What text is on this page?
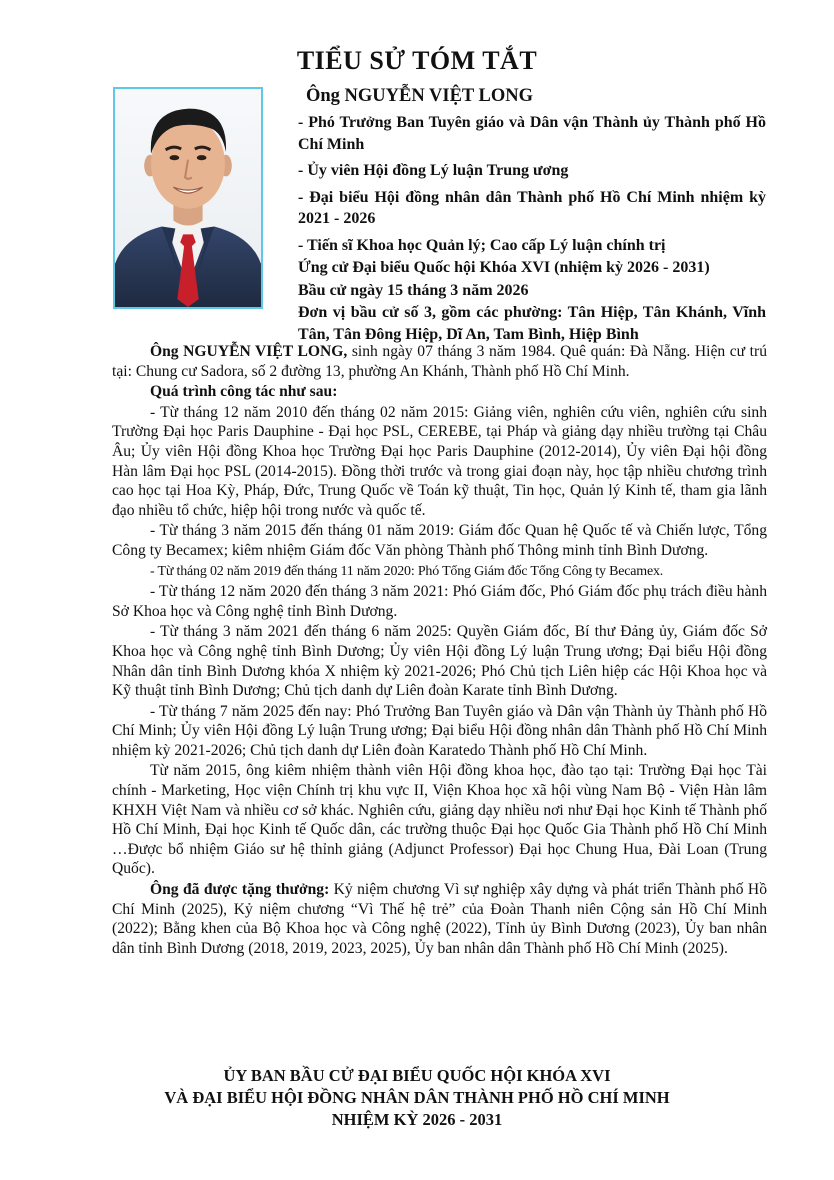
TIỂU SỬ TÓM TẮT
Ông NGUYỄN VIỆT LONG

- Phó Trưởng Ban Tuyên giáo và Dân vận Thành ủy Thành phố Hồ Chí Minh

- Ủy viên Hội đồng Lý luận Trung ương

- Đại biểu Hội đồng nhân dân Thành phố Hồ Chí Minh nhiệm kỳ 2021 - 2026

- Tiến sĩ Khoa học Quản lý; Cao cấp Lý luận chính trị

Ứng cử Đại biểu Quốc hội Khóa XVI (nhiệm kỳ 2026 - 2031)

Bầu cử ngày 15 tháng 3 năm 2026

Đơn vị bầu cử số 3, gồm các phường: Tân Hiệp, Tân Khánh, Vĩnh Tân, Tân Đông Hiệp, Dĩ An, Tam Bình, Hiệp Bình

Ông NGUYỄN VIỆT LONG, sinh ngày 07 tháng 3 năm 1984. Quê quán: Đà Nẵng. Hiện cư trú tại: Chung cư Sadora, số 2 đường 13, phường An Khánh, Thành phố Hồ Chí Minh.

Quá trình công tác như sau:

- Từ tháng 12 năm 2010 đến tháng 02 năm 2015: Giảng viên, nghiên cứu viên, nghiên cứu sinh Trường Đại học Paris Dauphine - Đại học PSL, CEREBE, tại Pháp và giảng dạy nhiều trường tại Châu Âu; Ủy viên Hội đồng Khoa học Trường Đại học Paris Dauphine (2012-2014), Ủy viên Đại hội đồng Hàn lâm Đại học PSL (2014-2015). Đồng thời trước và trong giai đoạn này, học tập nhiều chương trình cao học tại Hoa Kỳ, Pháp, Đức, Trung Quốc về Toán kỹ thuật, Tin học, Quản lý Kinh tế, tham gia lãnh đạo nhiều tổ chức, hiệp hội trong nước và quốc tế.

- Từ tháng 3 năm 2015 đến tháng 01 năm 2019: Giám đốc Quan hệ Quốc tế và Chiến lược, Tổng Công ty Becamex; kiêm nhiệm Giám đốc Văn phòng Thành phố Thông minh tỉnh Bình Dương.

- Từ tháng 02 năm 2019 đến tháng 11 năm 2020: Phó Tổng Giám đốc Tổng Công ty Becamex.

- Từ tháng 12 năm 2020 đến tháng 3 năm 2021: Phó Giám đốc, Phó Giám đốc phụ trách điều hành Sở Khoa học và Công nghệ tỉnh Bình Dương.

- Từ tháng 3 năm 2021 đến tháng 6 năm 2025: Quyền Giám đốc, Bí thư Đảng ủy, Giám đốc Sở Khoa học và Công nghệ tỉnh Bình Dương; Ủy viên Hội đồng Lý luận Trung ương; Đại biểu Hội đồng Nhân dân tỉnh Bình Dương khóa X nhiệm kỳ 2021-2026; Phó Chủ tịch Liên hiệp các Hội Khoa học và Kỹ thuật tỉnh Bình Dương; Chủ tịch danh dự Liên đoàn Karate tỉnh Bình Dương.

- Từ tháng 7 năm 2025 đến nay: Phó Trưởng Ban Tuyên giáo và Dân vận Thành ủy Thành phố Hồ Chí Minh; Ủy viên Hội đồng Lý luận Trung ương; Đại biểu Hội đồng nhân dân Thành phố Hồ Chí Minh nhiệm kỳ 2021-2026; Chủ tịch danh dự Liên đoàn Karatedo Thành phố Hồ Chí Minh.

Từ năm 2015, ông kiêm nhiệm thành viên Hội đồng khoa học, đào tạo tại: Trường Đại học Tài chính - Marketing, Học viện Chính trị khu vực II, Viện Khoa học xã hội vùng Nam Bộ - Viện Hàn lâm KHXH Việt Nam và nhiều cơ sở khác. Nghiên cứu, giảng dạy nhiều nơi như Đại học Kinh tế Thành phố Hồ Chí Minh, Đại học Kinh tế Quốc dân, các trường thuộc Đại học Quốc Gia Thành phố Hồ Chí Minh …Được bổ nhiệm Giáo sư hệ thỉnh giảng (Adjunct Professor) Đại học Chung Hua, Đài Loan (Trung Quốc).

Ông đã được tặng thưởng: Kỷ niệm chương Vì sự nghiệp xây dựng và phát triển Thành phố Hồ Chí Minh (2025), Kỷ niệm chương “Vì Thế hệ trẻ” của Đoàn Thanh niên Cộng sản Hồ Chí Minh (2022); Bằng khen của Bộ Khoa học và Công nghệ (2022), Tỉnh ủy Bình Dương (2023), Ủy ban nhân dân tỉnh Bình Dương (2018, 2019, 2023, 2025), Ủy ban nhân dân Thành phố Hồ Chí Minh (2025).

ỦY BAN BẦU CỬ ĐẠI BIỂU QUỐC HỘI KHÓA XVI
VÀ ĐẠI BIỂU HỘI ĐỒNG NHÂN DÂN THÀNH PHỐ HỒ CHÍ MINH
NHIỆM KỲ 2026 - 2031
